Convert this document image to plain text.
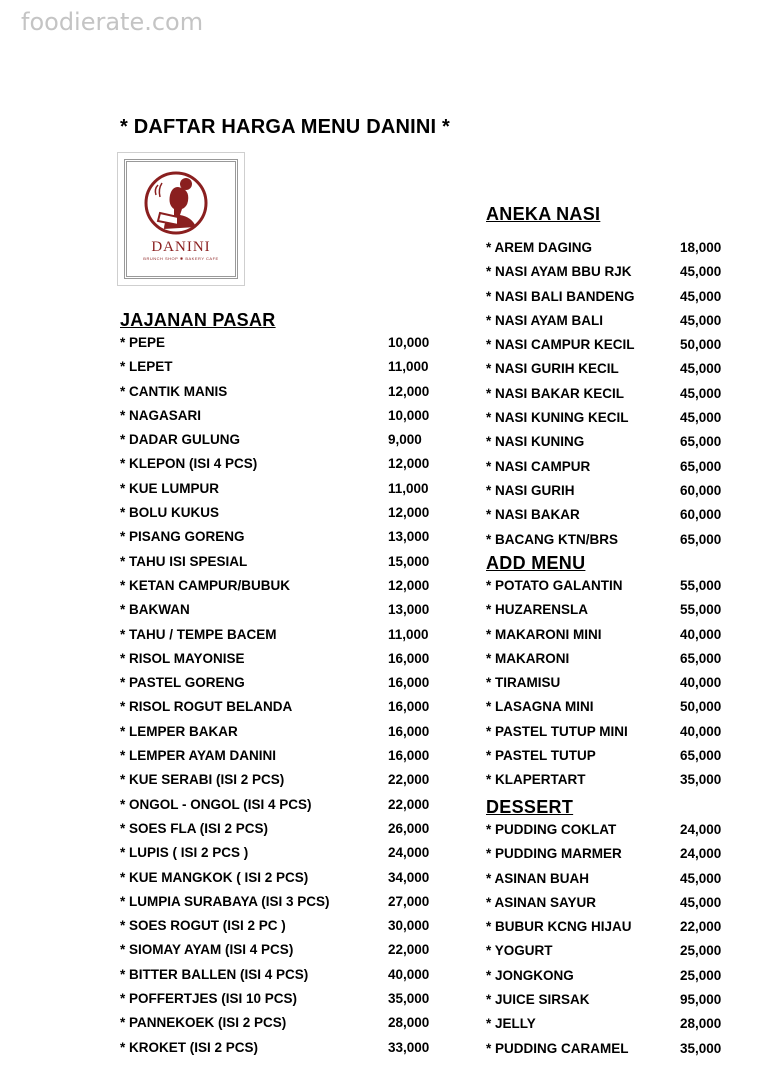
foodierate.com
* DAFTAR HARGA MENU DANINI *
DANINI
BRUNCH SHOP ✱ BAKERY CAFE
JAJANAN PASAR
* PEPE	10,000
* LEPET	11,000
* CANTIK MANIS	12,000
* NAGASARI	10,000
* DADAR GULUNG	9,000
* KLEPON (ISI 4 PCS)	12,000
* KUE LUMPUR	11,000
* BOLU KUKUS	12,000
* PISANG GORENG	13,000
* TAHU ISI SPESIAL	15,000
* KETAN CAMPUR/BUBUK	12,000
* BAKWAN	13,000
* TAHU / TEMPE BACEM	11,000
* RISOL MAYONISE	16,000
* PASTEL GORENG	16,000
* RISOL ROGUT BELANDA	16,000
* LEMPER BAKAR	16,000
* LEMPER AYAM DANINI	16,000
* KUE SERABI (ISI 2 PCS)	22,000
* ONGOL - ONGOL (ISI 4 PCS)	22,000
* SOES FLA (ISI 2 PCS)	26,000
* LUPIS ( ISI 2 PCS )	24,000
* KUE MANGKOK ( ISI 2 PCS)	34,000
* LUMPIA SURABAYA (ISI 3 PCS)	27,000
* SOES ROGUT (ISI 2 PC )	30,000
* SIOMAY AYAM (ISI 4 PCS)	22,000
* BITTER BALLEN (ISI 4 PCS)	40,000
* POFFERTJES (ISI 10 PCS)	35,000
* PANNEKOEK (ISI 2 PCS)	28,000
* KROKET (ISI 2 PCS)	33,000
ANEKA NASI
* AREM DAGING	18,000
* NASI AYAM BBU RJK	45,000
* NASI BALI BANDENG	45,000
* NASI AYAM BALI	45,000
* NASI CAMPUR KECIL	50,000
* NASI GURIH KECIL	45,000
* NASI BAKAR KECIL	45,000
* NASI KUNING KECIL	45,000
* NASI KUNING	65,000
* NASI CAMPUR	65,000
* NASI GURIH	60,000
* NASI BAKAR	60,000
* BACANG KTN/BRS	65,000
ADD MENU
* POTATO GALANTIN	55,000
* HUZARENSLA	55,000
* MAKARONI MINI	40,000
* MAKARONI	65,000
* TIRAMISU	40,000
* LASAGNA MINI	50,000
* PASTEL TUTUP MINI	40,000
* PASTEL TUTUP	65,000
* KLAPERTART	35,000
DESSERT
* PUDDING COKLAT	24,000
* PUDDING MARMER	24,000
* ASINAN BUAH	45,000
* ASINAN SAYUR	45,000
* BUBUR KCNG HIJAU	22,000
* YOGURT	25,000
* JONGKONG	25,000
* JUICE SIRSAK	95,000
* JELLY	28,000
* PUDDING CARAMEL	35,000
